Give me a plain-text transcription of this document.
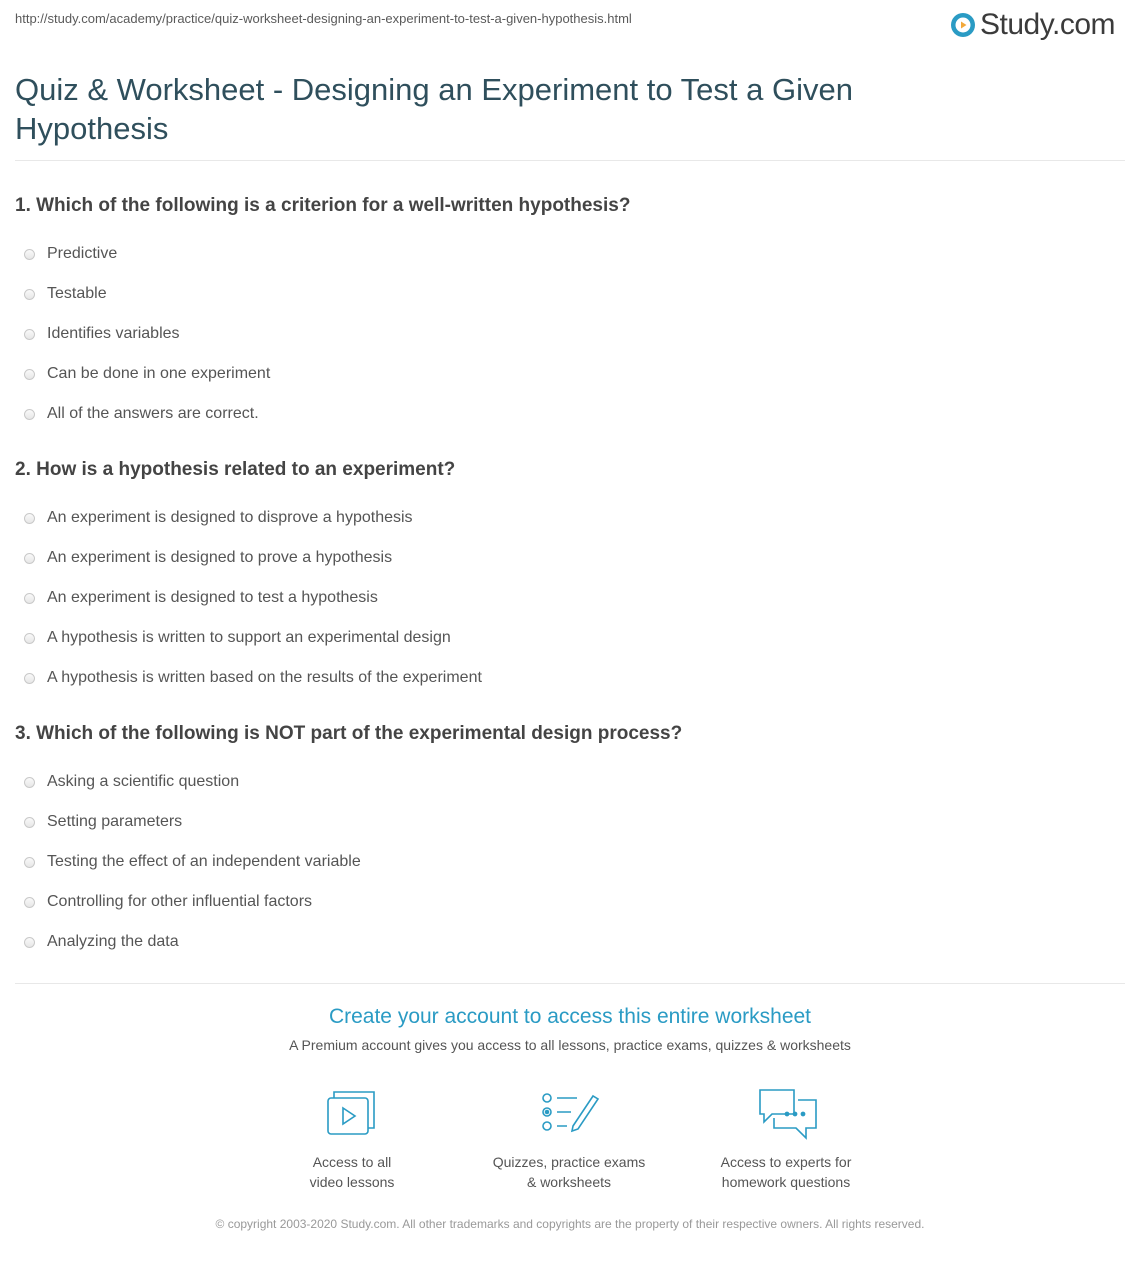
http://study.com/academy/practice/quiz-worksheet-designing-an-experiment-to-test-a-given-hypothesis.html	Study.com
Quiz & Worksheet - Designing an Experiment to Test a Given Hypothesis
1. Which of the following is a criterion for a well-written hypothesis?
Predictive
Testable
Identifies variables
Can be done in one experiment
All of the answers are correct.
2. How is a hypothesis related to an experiment?
An experiment is designed to disprove a hypothesis
An experiment is designed to prove a hypothesis
An experiment is designed to test a hypothesis
A hypothesis is written to support an experimental design
A hypothesis is written based on the results of the experiment
3. Which of the following is NOT part of the experimental design process?
Asking a scientific question
Setting parameters
Testing the effect of an independent variable
Controlling for other influential factors
Analyzing the data
Create your account to access this entire worksheet
A Premium account gives you access to all lessons, practice exams, quizzes & worksheets
Access to all
video lessons
Quizzes, practice exams
& worksheets
Access to experts for
homework questions
© copyright 2003-2020 Study.com. All other trademarks and copyrights are the property of their respective owners. All rights reserved.
